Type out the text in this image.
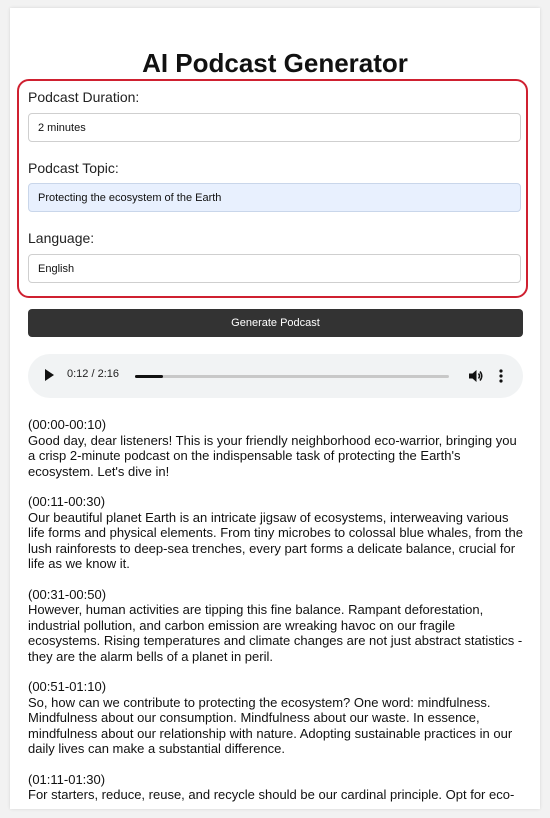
AI Podcast Generator
Podcast Duration:
2 minutes
Podcast Topic:
Protecting the ecosystem of the Earth
Language:
English
Generate Podcast
0:12 / 2:16

(00:00-00:10)

Good day, dear listeners! This is your friendly neighborhood eco-warrior, bringing you a crisp 2-minute podcast on the indispensable task of protecting the Earth's ecosystem. Let's dive in!

(00:11-00:30)

Our beautiful planet Earth is an intricate jigsaw of ecosystems, interweaving various life forms and physical elements. From tiny microbes to colossal blue whales, from the lush rainforests to deep-sea trenches, every part forms a delicate balance, crucial for life as we know it.

(00:31-00:50)

However, human activities are tipping this fine balance. Rampant deforestation, industrial pollution, and carbon emission are wreaking havoc on our fragile ecosystems. Rising temperatures and climate changes are not just abstract statistics - they are the alarm bells of a planet in peril.

(00:51-01:10)

So, how can we contribute to protecting the ecosystem? One word: mindfulness. Mindfulness about our consumption. Mindfulness about our waste. In essence, mindfulness about our relationship with nature. Adopting sustainable practices in our daily lives can make a substantial difference.

(01:11-01:30)

For starters, reduce, reuse, and recycle should be our cardinal principle. Opt for eco-
